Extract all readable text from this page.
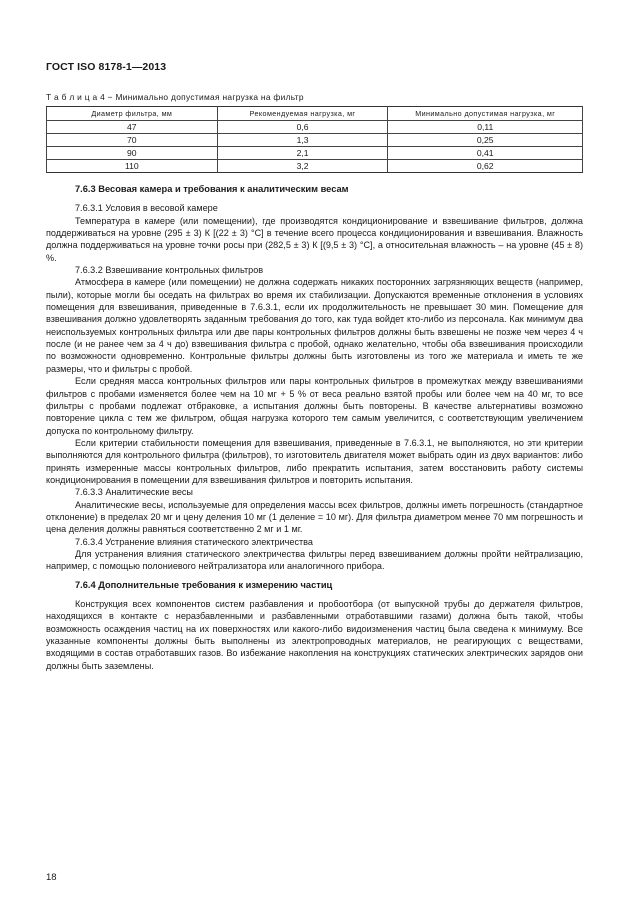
ГОСТ ISO 8178-1—2013
Т а б л и ц а 4 − Минимально допустимая нагрузка на фильтр
Диаметр фильтра, мм	Рекомендуемая нагрузка, мг	Минимально допустимая нагрузка, мг
47	0,6	0,11
70	1,3	0,25
90	2,1	0,41
110	3,2	0,62
7.6.3 Весовая камера и требования к аналитическим весам

7.6.3.1 Условия в весовой камере

Температура в камере (или помещении), где производятся кондиционирование и взвешивание фильтров, должна поддерживаться на уровне (295 ± 3) К [(22 ± 3) °С] в течение всего процесса кондиционирования и взвешивания. Влажность должна поддерживаться на уровне точки росы при (282,5 ± 3) К [(9,5 ± 3) °С], а относительная влажность – на уровне (45 ± 8) %.

7.6.3.2 Взвешивание контрольных фильтров

Атмосфера в камере (или помещении) не должна содержать никаких посторонних загрязняющих веществ (например, пыли), которые могли бы оседать на фильтрах во время их стабилизации. Допускаются временные отклонения в условиях помещения для взвешивания, приведенные в 7.6.3.1, если их продолжительность не превышает 30 мин. Помещение для взвешивания должно удовлетворять заданным требования до того, как туда войдет кто-либо из персонала. Как минимум два неиспользуемых контрольных фильтра или две пары контрольных фильтров должны быть взвешены не позже чем через 4 ч после (и не ранее чем за 4 ч до) взвешивания фильтра с пробой, однако желательно, чтобы оба взвешивания происходили по возможности одновременно. Контрольные фильтры должны быть изготовлены из того же материала и иметь те же размеры, что и фильтры с пробой.

Если средняя масса контрольных фильтров или пары контрольных фильтров в промежутках между взвешиваниями фильтров с пробами изменяется более чем на 10 мг + 5 % от веса реально взятой пробы или более чем на 40 мг, то все фильтры с пробами подлежат отбраковке, а испытания должны быть повторены. В качестве альтернативы возможно повторение цикла с тем же фильтром, общая нагрузка которого тем самым увеличится, с соответствующим увеличением допуска по контрольному фильтру.

Если критерии стабильности помещения для взвешивания, приведенные в 7.6.3.1, не выполняются, но эти критерии выполняются для контрольного фильтра (фильтров), то изготовитель двигателя может выбрать один из двух вариантов: либо принять измеренные массы контрольных фильтров, либо прекратить испытания, затем восстановить работу системы кондиционирования в помещении для взвешивания фильтров и повторить испытания.

7.6.3.3 Аналитические весы

Аналитические весы, используемые для определения массы всех фильтров, должны иметь погрешность (стандартное отклонение) в пределах 20 мг и цену деления 10 мг (1 деление = 10 мг). Для фильтра диаметром менее 70 мм погрешность и цена деления должны равняться соответственно 2 мг и 1 мг.

7.6.3.4 Устранение влияния статического электричества

Для устранения влияния статического электричества фильтры перед взвешиванием должны пройти нейтрализацию, например, с помощью полониевого нейтрализатора или аналогичного прибора.

7.6.4 Дополнительные требования к измерению частиц

Конструкция всех компонентов систем разбавления и пробоотбора (от выпускной трубы до держателя фильтров, находящихся в контакте с неразбавленными и разбавленными отработавшими газами) должна быть такой, чтобы возможность осаждения частиц на их поверхностях или какого-либо видоизменения частиц была сведена к минимуму. Все указанные компоненты должны быть выполнены из электропроводных материалов, не реагирующих с веществами, входящими в состав отработавших газов. Во избежание накопления на конструкциях статических электрических зарядов они должны быть заземлены.

18
